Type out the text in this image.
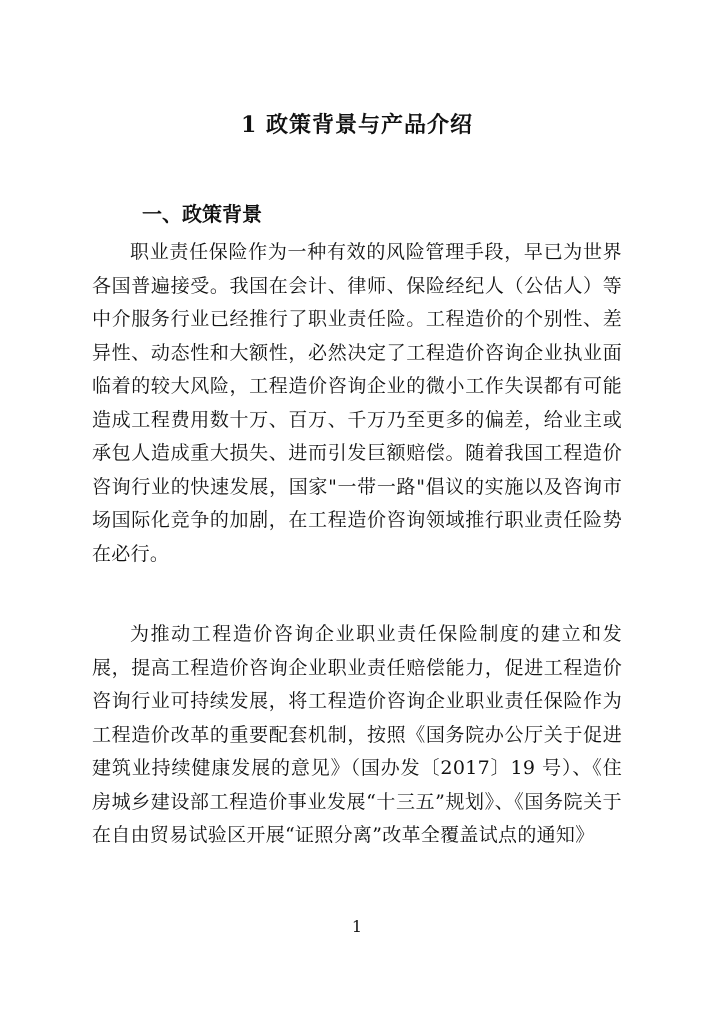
1 政策背景与产品介绍
一、政策背景

职业责任保险作为一种有效的风险管理手段，早已为世界各国普遍接受。我国在会计、律师、保险经纪人（公估人）等中介服务行业已经推行了职业责任险。工程造价的个别性、差异性、动态性和大额性，必然决定了工程造价咨询企业执业面临着的较大风险，工程造价咨询企业的微小工作失误都有可能造成工程费用数十万、百万、千万乃至更多的偏差，给业主或承包人造成重大损失、进而引发巨额赔偿。随着我国工程造价咨询行业的快速发展，国家"一带一路"倡议的实施以及咨询市场国际化竞争的加剧，在工程造价咨询领域推行职业责任险势在必行。

为推动工程造价咨询企业职业责任保险制度的建立和发展，提高工程造价咨询企业职业责任赔偿能力，促进工程造价咨询行业可持续发展，将工程造价咨询企业职业责任保险作为工程造价改革的重要配套机制，按照《国务院办公厅关于促进建筑业持续健康发展的意见》（国办发〔2017〕19 号）、《住房城乡建设部工程造价事业发展“十三五”规划》、《国务院关于在自由贸易试验区开展“证照分离”改革全覆盖试点的通知》

1
